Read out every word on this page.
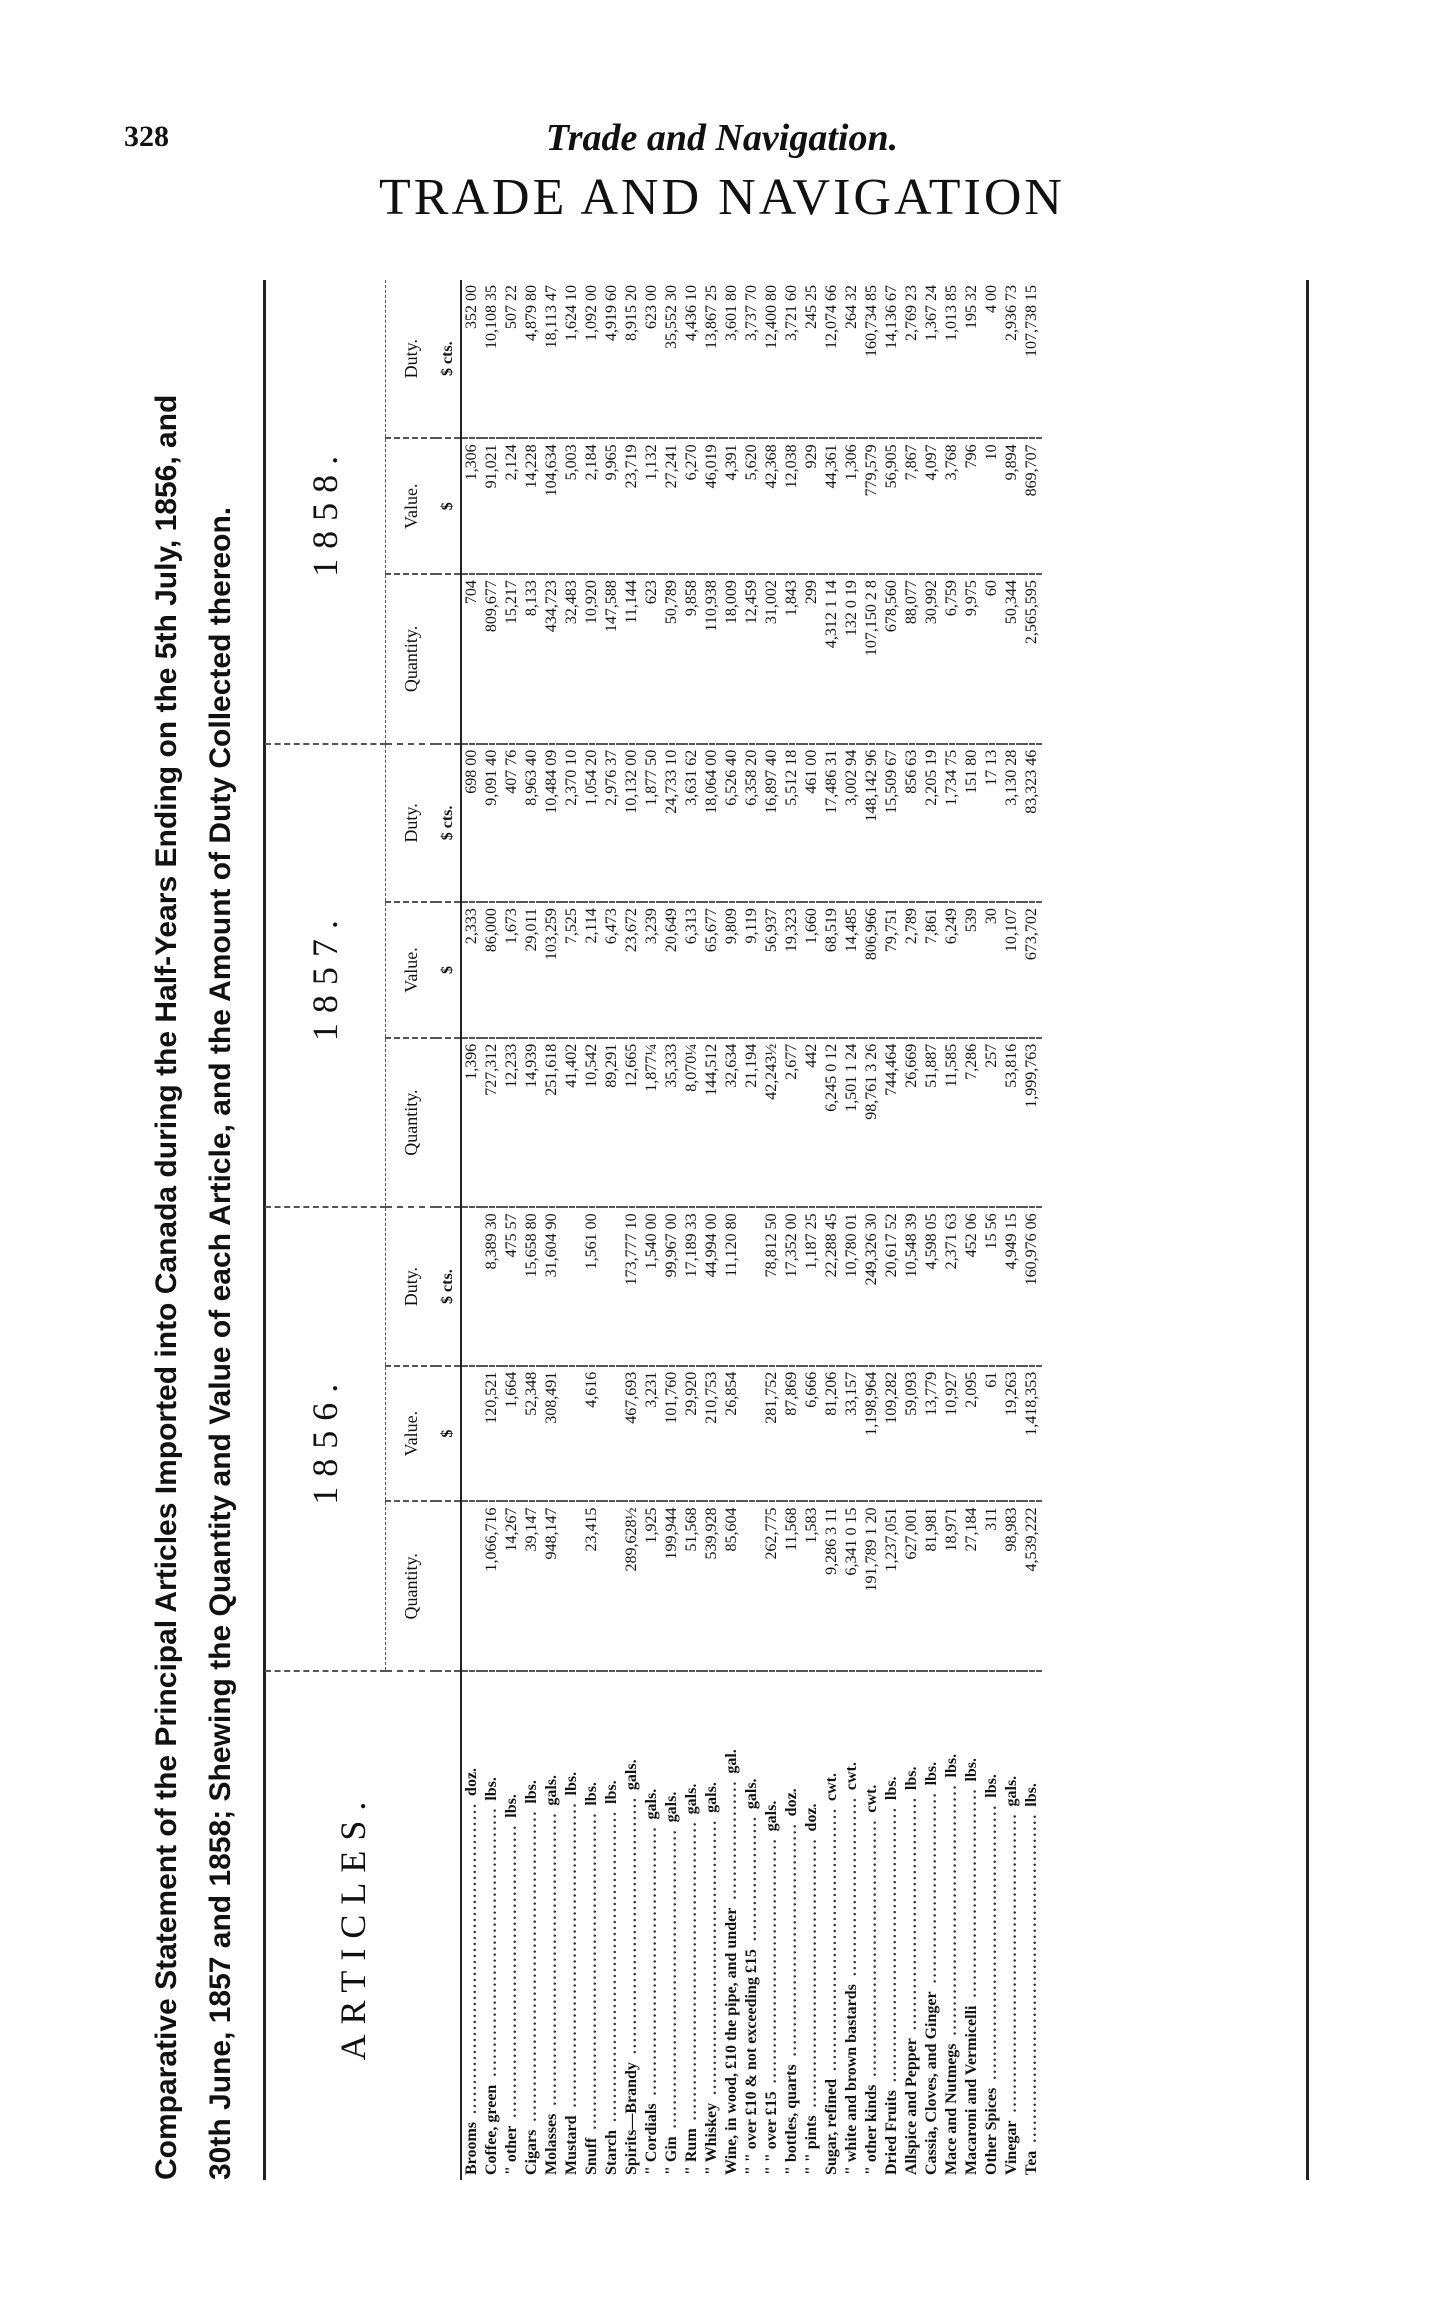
328	Trade and Navigation.
TRADE AND NAVIGATION
Comparative Statement of the Principal Articles Imported into Canada during the Half-Years Ending on the 5th July, 1856, and 30th June, 1857 and 1858; Shewing the Quantity and Value of each Article, and the Amount of Duty Collected thereon.	ARTICLES.	1856.			1857.			1858.		
	Quantity.	Value.	Duty.	Quantity.	Value.	Duty.	Quantity.	Value.	Duty.
		$	$ cts.		$	$ cts.		$	$ cts.
Brooms .................................................... doz.				1,396	2,333	698 00	704	1,306	352 00
Coffee, green ............................................. lbs.	1,066,716	120,521	8,389 30	727,312	86,000	9,091 40	809,677	91,021	10,108 35
" other ................................................. lbs.	14,267	1,664	475 57	12,233	1,673	407 76	15,217	2,124	507 22
Cigars .................................................... lbs.	39,147	52,348	15,658 80	14,939	29,011	8,963 40	8,133	14,228	4,879 80
Molasses ................................................. gals.	948,147	308,491	31,604 90	251,618	103,259	10,484 09	434,723	104,634	18,113 47
Mustard ................................................... lbs.				41,402	7,525	2,370 10	32,483	5,003	1,624 10
Snuff ..................................................... lbs.	23,415	4,616	1,561 00	10,542	2,114	1,054 20	10,920	2,184	1,092 00
Starch .................................................... lbs.				89,291	6,473	2,976 37	147,588	9,965	4,919 60
Spirits—Brandy ........................................... gals.	289,628½	467,693	173,777 10	12,665	23,672	10,132 00	11,144	23,719	8,915 20
" Cordials ............................................. gals.	1,925	3,231	1,540 00	1,877¼	3,239	1,877 50	623	1,132	623 00
" Gin .................................................. gals.	199,944	101,760	99,967 00	35,333	20,649	24,733 10	50,789	27,241	35,552 30
" Rum .................................................. gals.	51,568	29,920	17,189 33	8,070¼	6,313	3,631 62	9,858	6,270	4,436 10
" Whiskey .............................................. gals.	539,928	210,753	44,994 00	144,512	65,677	18,064 00	110,938	46,019	13,867 25
Wine, in wood, £10 the pipe, and under .................... gal.	85,604	26,854	11,120 80	32,634	9,809	6,526 40	18,009	4,391	3,601 80
" " over £10 & not exceeding £15 ..................... gals.				21,194	9,119	6,358 20	12,459	5,620	3,737 70
" " over £15 ......................................... gals.	262,775	281,752	78,812 50	42,243½	56,937	16,897 40	31,002	42,368	12,400 80
" bottles, quarts ....................................... doz.	11,568	87,869	17,352 00	2,677	19,323	5,512 18	1,843	12,038	3,721 60
" " pints ............................................. doz.	1,583	6,666	1,187 25	442	1,660	461 00	299	929	245 25
Sugar, refined ............................................ cwt.	9,286 3 11	81,206	22,288 45	6,245 0 12	68,519	17,486 31	4,312 1 14	44,361	12,074 66
" white and brown bastards .............................. cwt.	6,341 0 15	33,157	10,780 01	1,501 1 24	14,485	3,002 94	132 0 19	1,306	264 32
" other kinds ........................................... cwt.	191,789 1 20	1,198,964	249,326 30	98,761 3 26	806,966	148,142 96	107,150 2 8	779,579	160,734 85
Dried Fruits .............................................. lbs.	1,237,051	109,282	20,617 52	744,464	79,751	15,509 67	678,560	56,905	14,136 67
Allspice and Pepper ....................................... lbs.	627,001	59,093	10,548 39	26,669	2,789	856 63	88,077	7,867	2,769 23
Cassia, Cloves, and Ginger ................................ lbs.	81,981	13,779	4,598 05	51,887	7,861	2,205 19	30,992	4,097	1,367 24
Mace and Nutmegs .......................................... lbs.	18,971	10,927	2,371 63	11,585	6,249	1,734 75	6,759	3,768	1,013 85
Macaroni and Vermicelli ................................... lbs.	27,184	2,095	452 06	7,286	539	151 80	9,975	796	195 32
Other Spices .............................................. lbs.	311	61	15 56	257	30	17 13	60	10	4 00
Vinegar .................................................. gals.	98,983	19,263	4,949 15	53,816	10,107	3,130 28	50,344	9,894	2,936 73
Tea ....................................................... lbs.	4,539,222	1,418,353	160,976 06	1,999,763	673,702	83,323 46	2,565,595	869,707	107,738 15
